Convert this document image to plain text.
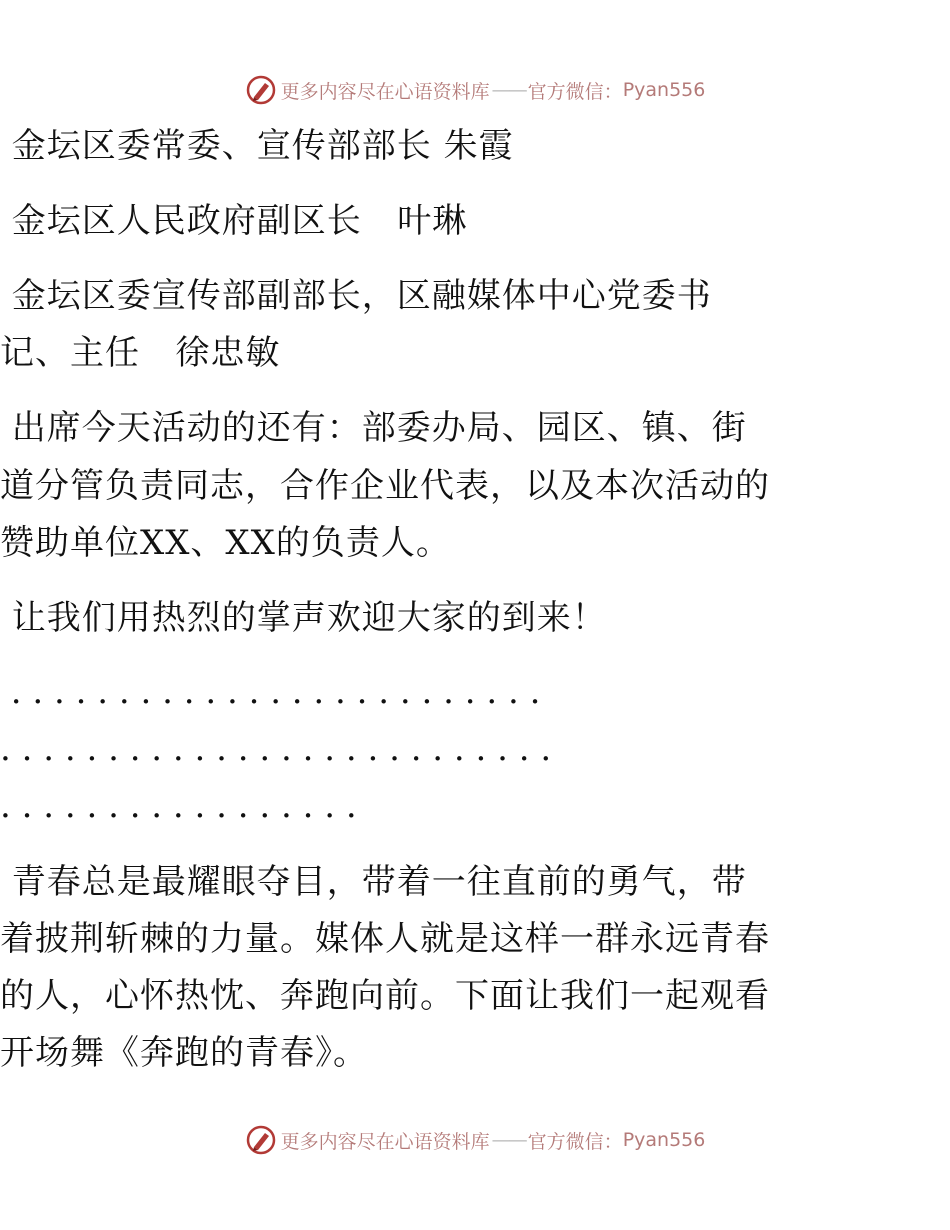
更多内容尽在心语资料库 —— 官方微信： Pyan556
金坛区委常委、宣传部部长 朱霞
金坛区人民政府副区长   叶琳
金坛区委宣传部副部长，区融媒体中心党委书
记、主任   徐忠敏
出席今天活动的还有：部委办局、园区、镇、街
道分管负责同志，合作企业代表，以及本次活动的
赞助单位XX、XX的负责人。
让我们用热烈的掌声欢迎大家的到来！
. . . . . . . . . . . . . . . . . . . . . . . . .
. . . . . . . . . . . . . . . . . . . . . . . . . .
. . . . . . . . . . . . . . . . .
青春总是最耀眼夺目，带着一往直前的勇气，带
着披荆斩棘的力量。媒体人就是这样一群永远青春
的人，心怀热忱、奔跑向前。下面让我们一起观看
开场舞《奔跑的青春》。
更多内容尽在心语资料库 —— 官方微信： Pyan556
